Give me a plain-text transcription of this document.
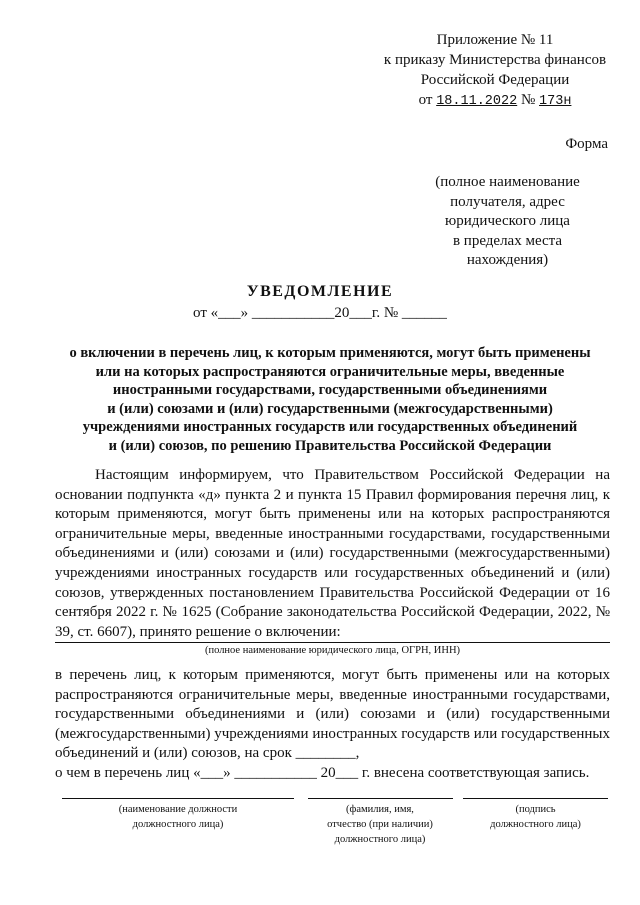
Приложение № 11
к приказу Министерства финансов
Российской Федерации
от 18.11.2022 № 173н
Форма
(полное наименование
получателя, адрес
юридического лица
в пределах места
нахождения)
УВЕДОМЛЕНИЕ
от «___» ___________20___г. № ______
о включении в перечень лиц, к которым применяются, могут быть применены
или на которых распространяются ограничительные меры, введенные
иностранными государствами, государственными объединениями
и (или) союзами и (или) государственными (межгосударственными)
учреждениями иностранных государств или государственных объединений
и (или) союзов, по решению Правительства Российской Федерации

Настоящим информируем, что Правительством Российской Федерации на основании подпункта «д» пункта 2 и пункта 15 Правил формирования перечня лиц, к которым применяются, могут быть применены или на которых распространяются ограничительные меры, введенные иностранными государствами, государственными объединениями и (или) союзами и (или) государственными (межгосударственными) учреждениями иностранных государств или государственных объединений и (или) союзов, утвержденных постановлением Правительства Российской Федерации от 16 сентября 2022 г. № 1625 (Собрание законодательства Российской Федерации, 2022, № 39, ст. 6607), принято решение о включении:

(полное наименование юридического лица, ОГРН, ИНН)

в перечень лиц, к которым применяются, могут быть применены или на которых распространяются ограничительные меры, введенные иностранными государствами, государственными объединениями и (или) союзами и (или) государственными (межгосударственными) учреждениями иностранных государств или государственных объединений и (или) союзов, на срок ________,

о чем в перечень лиц «___» ___________ 20___ г. внесена соответствующая запись.
(наименование должности
должностного лица)
(фамилия, имя,
отчество (при наличии)
должностного лица)
(подпись
должностного лица)
